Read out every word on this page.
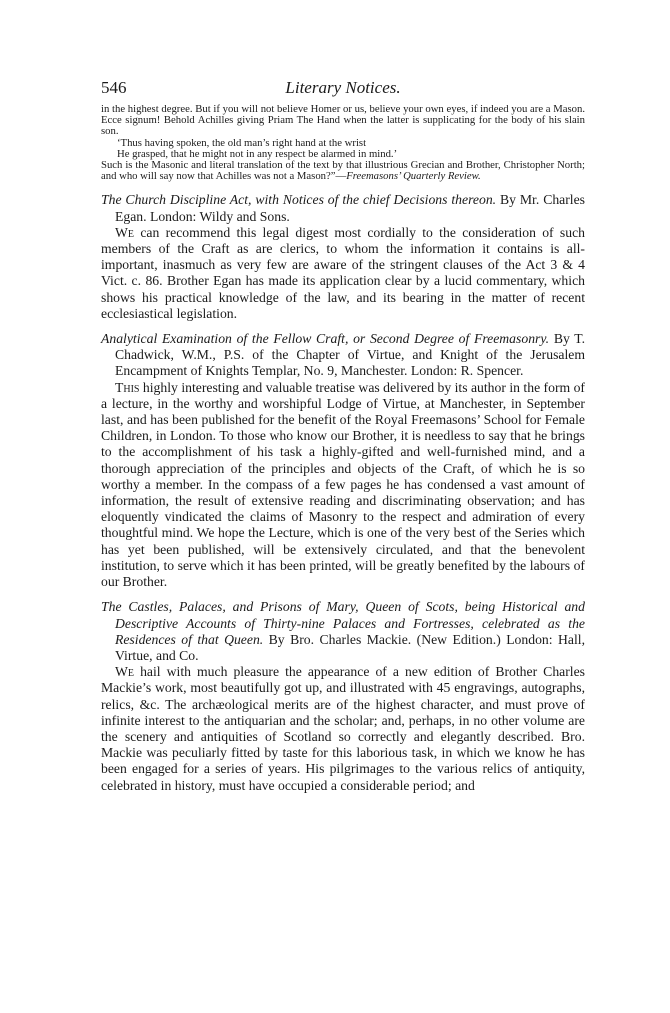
546	Literary Notices.

in the highest degree. But if you will not believe Homer or us, believe your own eyes, if indeed you are a Mason. Ecce signum! Behold Achilles giving Priam The Hand when the latter is supplicating for the body of his slain son.

‘Thus having spoken, the old man’s right hand at the wrist

He grasped, that he might not in any respect be alarmed in mind.’

Such is the Masonic and literal translation of the text by that illustrious Grecian and Brother, Christopher North; and who will say now that Achilles was not a Mason?”—Freemasons’ Quarterly Review.

The Church Discipline Act, with Notices of the chief Decisions thereon. By Mr. Charles Egan. London: Wildy and Sons.

We can recommend this legal digest most cordially to the consideration of such members of the Craft as are clerics, to whom the information it contains is all-important, inasmuch as very few are aware of the stringent clauses of the Act 3 & 4 Vict. c. 86. Brother Egan has made its application clear by a lucid commentary, which shows his practical knowledge of the law, and its bearing in the matter of recent ecclesiastical legislation.

Analytical Examination of the Fellow Craft, or Second Degree of Freemasonry. By T. Chadwick, W.M., P.S. of the Chapter of Virtue, and Knight of the Jerusalem Encampment of Knights Templar, No. 9, Manchester. London: R. Spencer.

This highly interesting and valuable treatise was delivered by its author in the form of a lecture, in the worthy and worshipful Lodge of Virtue, at Manchester, in September last, and has been published for the benefit of the Royal Freemasons’ School for Female Children, in London. To those who know our Brother, it is needless to say that he brings to the accomplishment of his task a highly-gifted and well-furnished mind, and a thorough appreciation of the principles and objects of the Craft, of which he is so worthy a member. In the compass of a few pages he has condensed a vast amount of information, the result of extensive reading and discriminating observation; and has eloquently vindicated the claims of Masonry to the respect and admiration of every thoughtful mind. We hope the Lecture, which is one of the very best of the Series which has yet been published, will be extensively circulated, and that the benevolent institution, to serve which it has been printed, will be greatly benefited by the labours of our Brother.

The Castles, Palaces, and Prisons of Mary, Queen of Scots, being Historical and Descriptive Accounts of Thirty-nine Palaces and Fortresses, celebrated as the Residences of that Queen. By Bro. Charles Mackie. (New Edition.) London: Hall, Virtue, and Co.

We hail with much pleasure the appearance of a new edition of Brother Charles Mackie’s work, most beautifully got up, and illustrated with 45 engravings, autographs, relics, &c. The archæological merits are of the highest character, and must prove of infinite interest to the antiquarian and the scholar; and, perhaps, in no other volume are the scenery and antiquities of Scotland so correctly and elegantly described. Bro. Mackie was peculiarly fitted by taste for this laborious task, in which we know he has been engaged for a series of years. His pilgrimages to the various relics of antiquity, celebrated in history, must have occupied a considerable period; and
